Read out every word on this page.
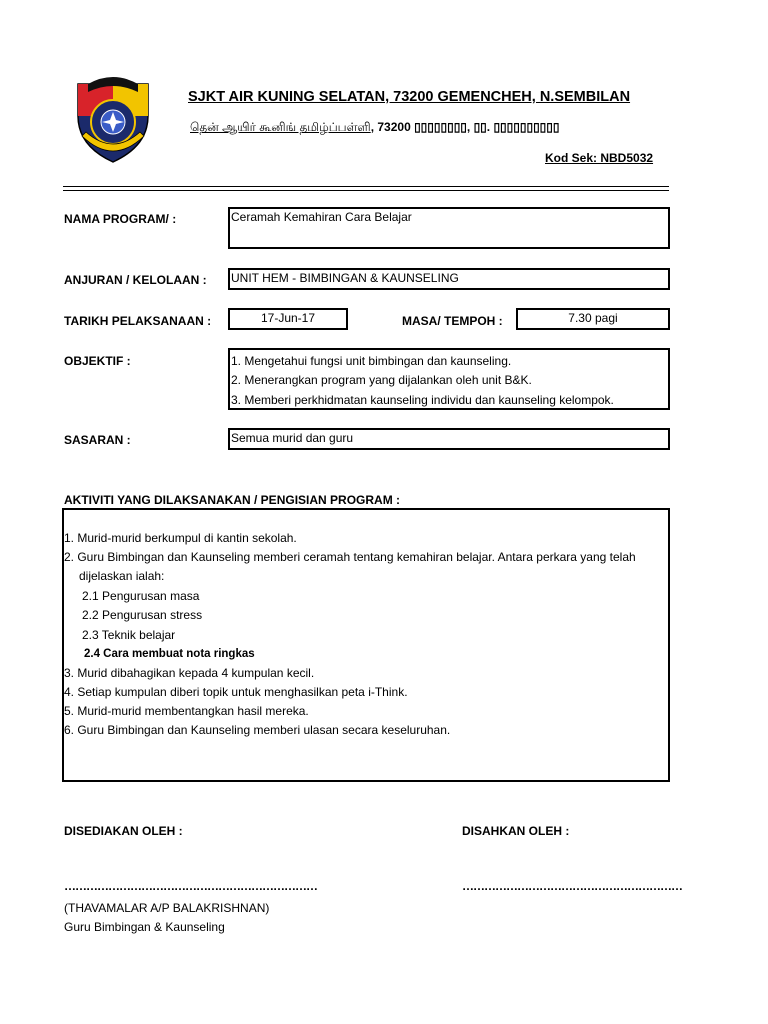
SJKT AIR KUNING SELATAN, 73200 GEMENCHEH, N.SEMBILAN
தென் ஆயிர் கூனிங் தமிழ்ப்பள்ளி, 73200 ▯▯▯▯▯▯▯▯, ▯▯. ▯▯▯▯▯▯▯▯▯▯
Kod Sek: NBD5032
NAMA PROGRAM/ :	Ceramah Kemahiran Cara Belajar
ANJURAN / KELOLAAN : UNIT HEM - BIMBINGAN & KAUNSELING
TARIKH PELAKSANAAN :	17-Jun-17	MASA/ TEMPOH :	7.30 pagi
OBJEKTIF :	1. Mengetahui fungsi unit bimbingan dan kaunseling.
2. Menerangkan program yang dijalankan oleh unit B&K.
3. Memberi perkhidmatan kaunseling individu dan kaunseling kelompok.
SASARAN :	Semua murid dan guru
AKTIVITI YANG DILAKSANAKAN / PENGISIAN PROGRAM :
1. Murid-murid berkumpul di kantin sekolah.
2. Guru Bimbingan dan Kaunseling memberi ceramah tentang kemahiran belajar. Antara perkara yang telah
dijelaskan ialah:
2.1 Pengurusan masa
2.2 Pengurusan stress
2.3 Teknik belajar
2.4 Cara membuat nota ringkas
3. Murid dibahagikan kepada 4 kumpulan kecil.
4. Setiap kumpulan diberi topik untuk menghasilkan peta i-Think.
5. Murid-murid membentangkan hasil mereka.
6. Guru Bimbingan dan Kaunseling memberi ulasan secara keseluruhan.
DISEDIAKAN OLEH :	DISAHKAN OLEH :
……………………………………………………………	……………………………………………………
(THAVAMALAR A/P BALAKRISHNAN)
Guru Bimbingan & Kaunseling
